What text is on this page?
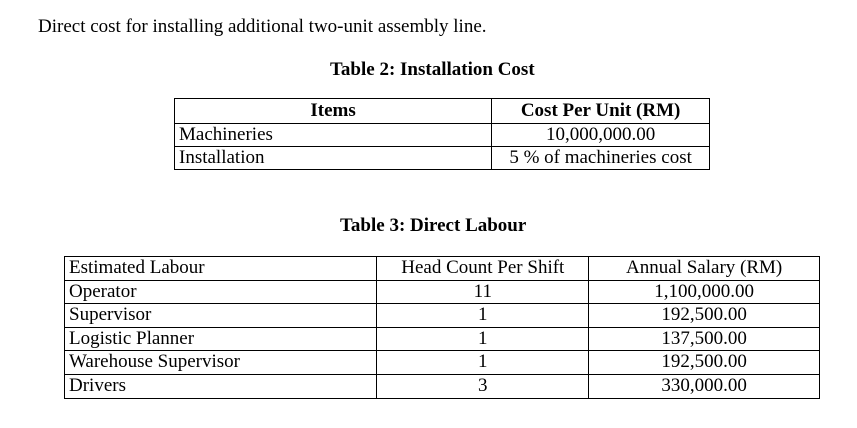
Direct cost for installing additional two-unit assembly line.
Table 2: Installation Cost
Items	Cost Per Unit (RM)
Machineries	10,000,000.00
Installation	5 % of machineries cost
Table 3: Direct Labour
Estimated Labour	Head Count Per Shift	Annual Salary (RM)
Operator	11	1,100,000.00
Supervisor	1	192,500.00
Logistic Planner	1	137,500.00
Warehouse Supervisor	1	192,500.00
Drivers	3	330,000.00
